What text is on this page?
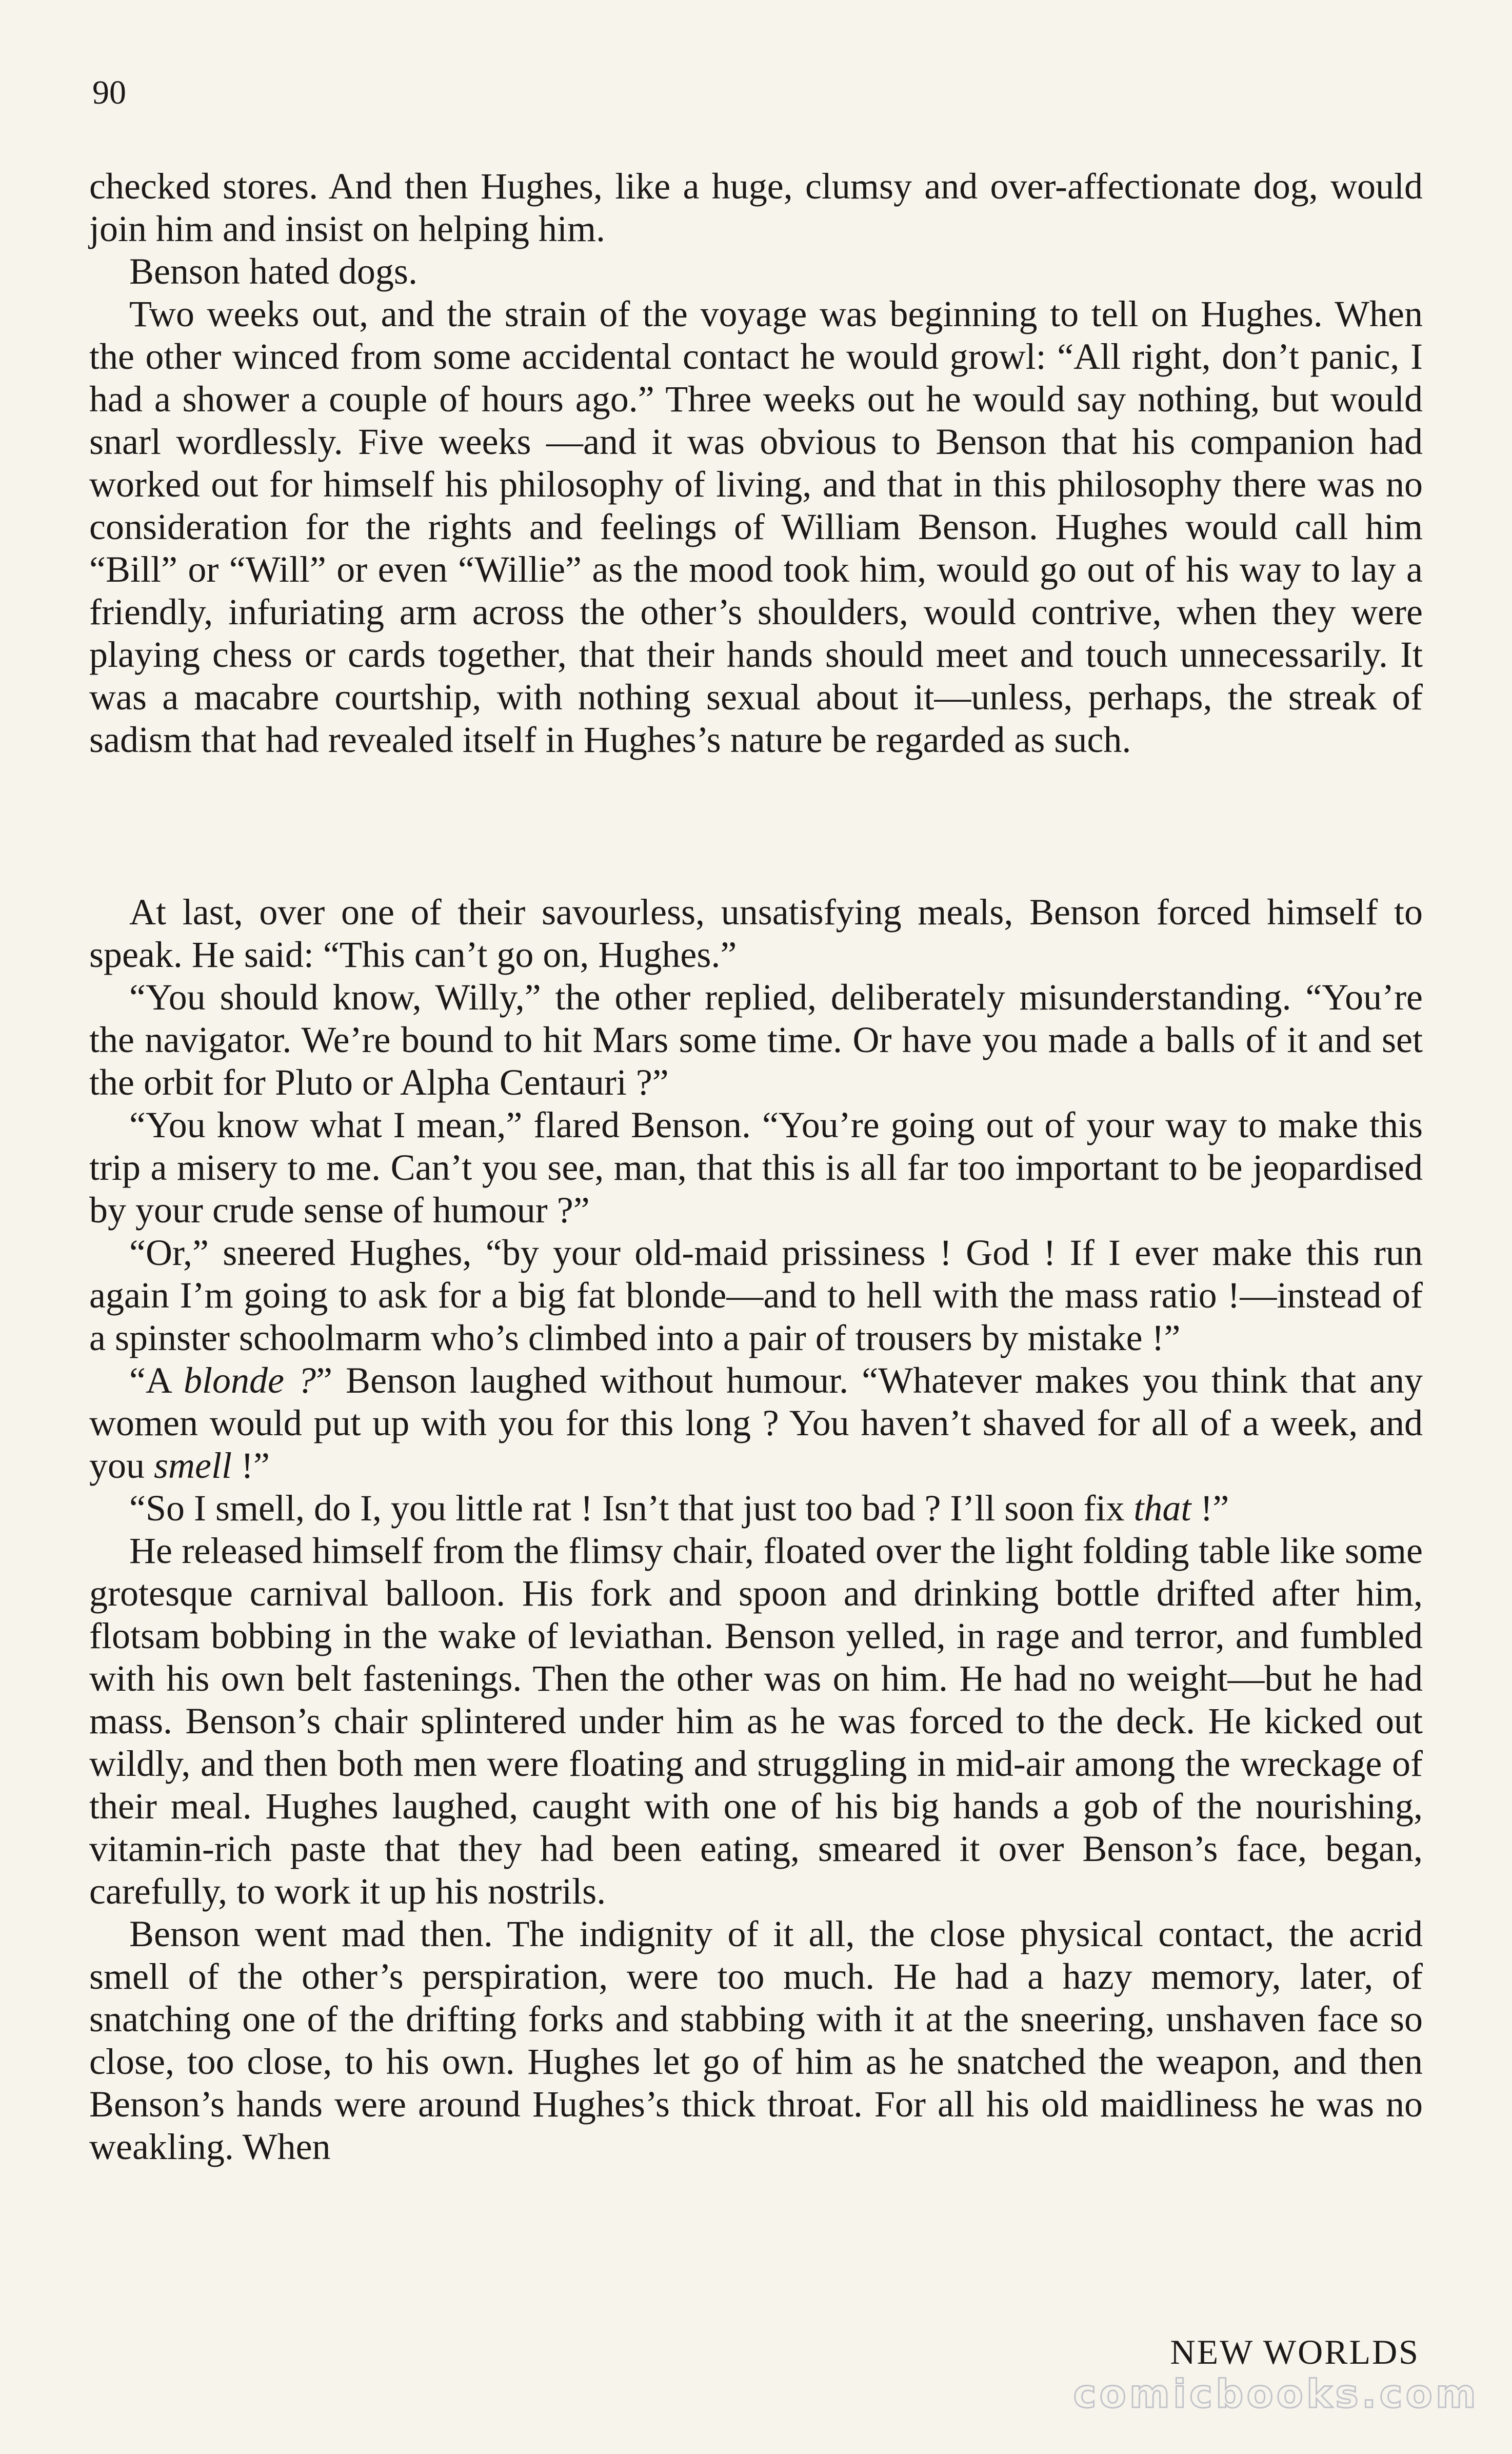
90

checked stores. And then Hughes, like a huge, clumsy and over-affectionate dog, would join him and insist on helping him.

Benson hated dogs.

Two weeks out, and the strain of the voyage was beginning to tell on Hughes. When the other winced from some accidental contact he would growl: “All right, don’t panic, I had a shower a couple of hours ago.” Three weeks out he would say nothing, but would snarl wordlessly. Five weeks —and it was obvious to Benson that his companion had worked out for himself his philosophy of living, and that in this philosophy there was no consideration for the rights and feelings of William Benson. Hughes would call him “Bill” or “Will” or even “Willie” as the mood took him, would go out of his way to lay a friendly, infuriating arm across the other’s shoulders, would contrive, when they were playing chess or cards together, that their hands should meet and touch unnecessarily. It was a macabre courtship, with nothing sexual about it—unless, perhaps, the streak of sadism that had revealed itself in Hughes’s nature be regarded as such.

At last, over one of their savourless, unsatisfying meals, Benson forced himself to speak. He said: “This can’t go on, Hughes.”

“You should know, Willy,” the other replied, deliberately misunderstanding. “You’re the navigator. We’re bound to hit Mars some time. Or have you made a balls of it and set the orbit for Pluto or Alpha Centauri ?”

“You know what I mean,” flared Benson. “You’re going out of your way to make this trip a misery to me. Can’t you see, man, that this is all far too important to be jeopardised by your crude sense of humour ?”

“Or,” sneered Hughes, “by your old-maid prissiness ! God ! If I ever make this run again I’m going to ask for a big fat blonde—and to hell with the mass ratio !—instead of a spinster schoolmarm who’s climbed into a pair of trousers by mistake !”

“A blonde ?” Benson laughed without humour. “Whatever makes you think that any women would put up with you for this long ? You haven’t shaved for all of a week, and you smell !”

“So I smell, do I, you little rat ! Isn’t that just too bad ? I’ll soon fix that !”

He released himself from the flimsy chair, floated over the light folding table like some grotesque carnival balloon. His fork and spoon and drinking bottle drifted after him, flotsam bobbing in the wake of leviathan. Benson yelled, in rage and terror, and fumbled with his own belt fastenings. Then the other was on him. He had no weight—but he had mass. Benson’s chair splintered under him as he was forced to the deck. He kicked out wildly, and then both men were floating and struggling in mid-air among the wreckage of their meal. Hughes laughed, caught with one of his big hands a gob of the nourishing, vitamin-rich paste that they had been eating, smeared it over Benson’s face, began, carefully, to work it up his nostrils.

Benson went mad then. The indignity of it all, the close physical contact, the acrid smell of the other’s perspiration, were too much. He had a hazy memory, later, of snatching one of the drifting forks and stabbing with it at the sneering, unshaven face so close, too close, to his own. Hughes let go of him as he snatched the weapon, and then Benson’s hands were around Hughes’s thick throat. For all his old maidliness he was no weakling. When

NEW WORLDS

comicbooks.com
